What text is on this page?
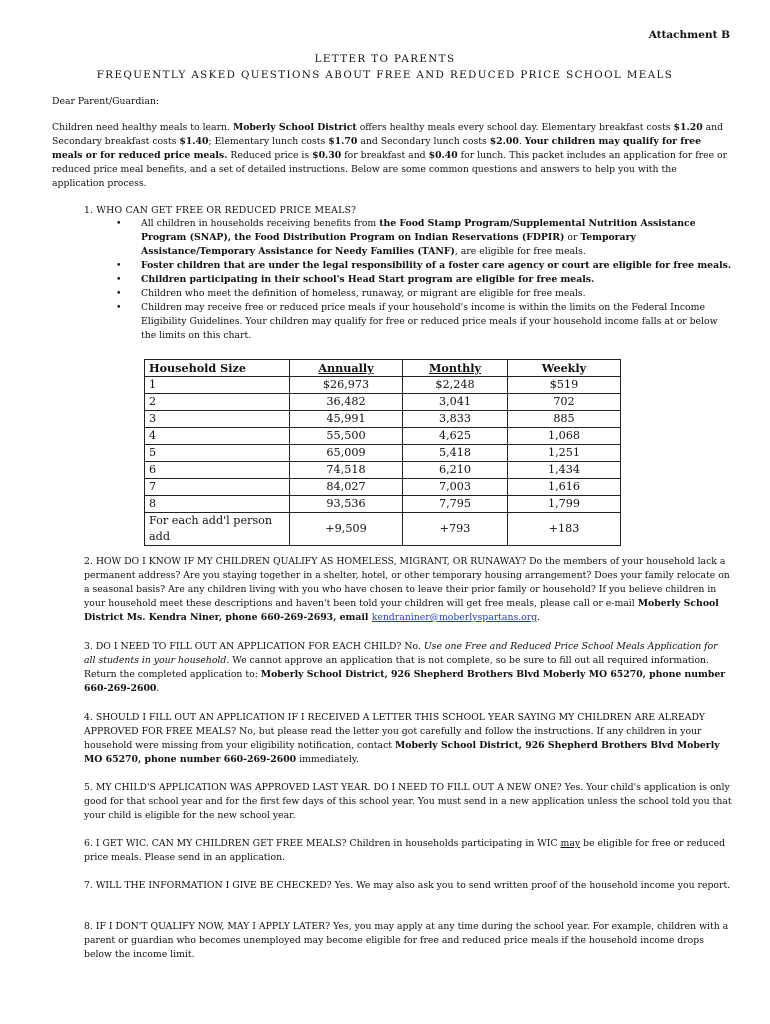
Attachment B
LETTER TO PARENTS
FREQUENTLY ASKED QUESTIONS ABOUT FREE AND REDUCED PRICE SCHOOL MEALS
Dear Parent/Guardian:
Children need healthy meals to learn. Moberly School District offers healthy meals every school day. Elementary breakfast costs $1.20 and Secondary breakfast costs $1.40; Elementary lunch costs $1.70 and Secondary lunch costs $2.00. Your children may qualify for free meals or for reduced price meals. Reduced price is $0.30 for breakfast and $0.40 for lunch. This packet includes an application for free or reduced price meal benefits, and a set of detailed instructions. Below are some common questions and answers to help you with the application process.
1. WHO CAN GET FREE OR REDUCED PRICE MEALS?
• All children in households receiving benefits from the Food Stamp Program/Supplemental Nutrition Assistance Program (SNAP), the Food Distribution Program on Indian Reservations (FDPIR) or Temporary Assistance/Temporary Assistance for Needy Families (TANF), are eligible for free meals.
• Foster children that are under the legal responsibility of a foster care agency or court are eligible for free meals.
• Children participating in their school's Head Start program are eligible for free meals.
• Children who meet the definition of homeless, runaway, or migrant are eligible for free meals.
• Children may receive free or reduced price meals if your household's income is within the limits on the Federal Income Eligibility Guidelines. Your children may qualify for free or reduced price meals if your household income falls at or below the limits on this chart.
Household Size	Annually	Monthly	Weekly
1	$26,973	$2,248	$519
2	36,482	3,041	702
3	45,991	3,833	885
4	55,500	4,625	1,068
5	65,009	5,418	1,251
6	74,518	6,210	1,434
7	84,027	7,003	1,616
8	93,536	7,795	1,799
For each add'l person add	+9,509	+793	+183
2. HOW DO I KNOW IF MY CHILDREN QUALIFY AS HOMELESS, MIGRANT, OR RUNAWAY? Do the members of your household lack a permanent address? Are you staying together in a shelter, hotel, or other temporary housing arrangement? Does your family relocate on a seasonal basis? Are any children living with you who have chosen to leave their prior family or household? If you believe children in your household meet these descriptions and haven't been told your children will get free meals, please call or e-mail Moberly School District Ms. Kendra Niner, phone 660-269-2693, email kendraniner@moberlyspartans.org.
3. DO I NEED TO FILL OUT AN APPLICATION FOR EACH CHILD? No. Use one Free and Reduced Price School Meals Application for all students in your household. We cannot approve an application that is not complete, so be sure to fill out all required information. Return the completed application to: Moberly School District, 926 Shepherd Brothers Blvd Moberly MO 65270, phone number 660-269-2600.
4. SHOULD I FILL OUT AN APPLICATION IF I RECEIVED A LETTER THIS SCHOOL YEAR SAYING MY CHILDREN ARE ALREADY APPROVED FOR FREE MEALS? No, but please read the letter you got carefully and follow the instructions. If any children in your household were missing from your eligibility notification, contact Moberly School District, 926 Shepherd Brothers Blvd Moberly MO 65270, phone number 660-269-2600 immediately.
5. MY CHILD'S APPLICATION WAS APPROVED LAST YEAR. DO I NEED TO FILL OUT A NEW ONE? Yes. Your child's application is only good for that school year and for the first few days of this school year. You must send in a new application unless the school told you that your child is eligible for the new school year.
6. I GET WIC. CAN MY CHILDREN GET FREE MEALS? Children in households participating in WIC may be eligible for free or reduced price meals. Please send in an application.
7. WILL THE INFORMATION I GIVE BE CHECKED? Yes. We may also ask you to send written proof of the household income you report.
8. IF I DON'T QUALIFY NOW, MAY I APPLY LATER? Yes, you may apply at any time during the school year. For example, children with a parent or guardian who becomes unemployed may become eligible for free and reduced price meals if the household income drops below the income limit.
